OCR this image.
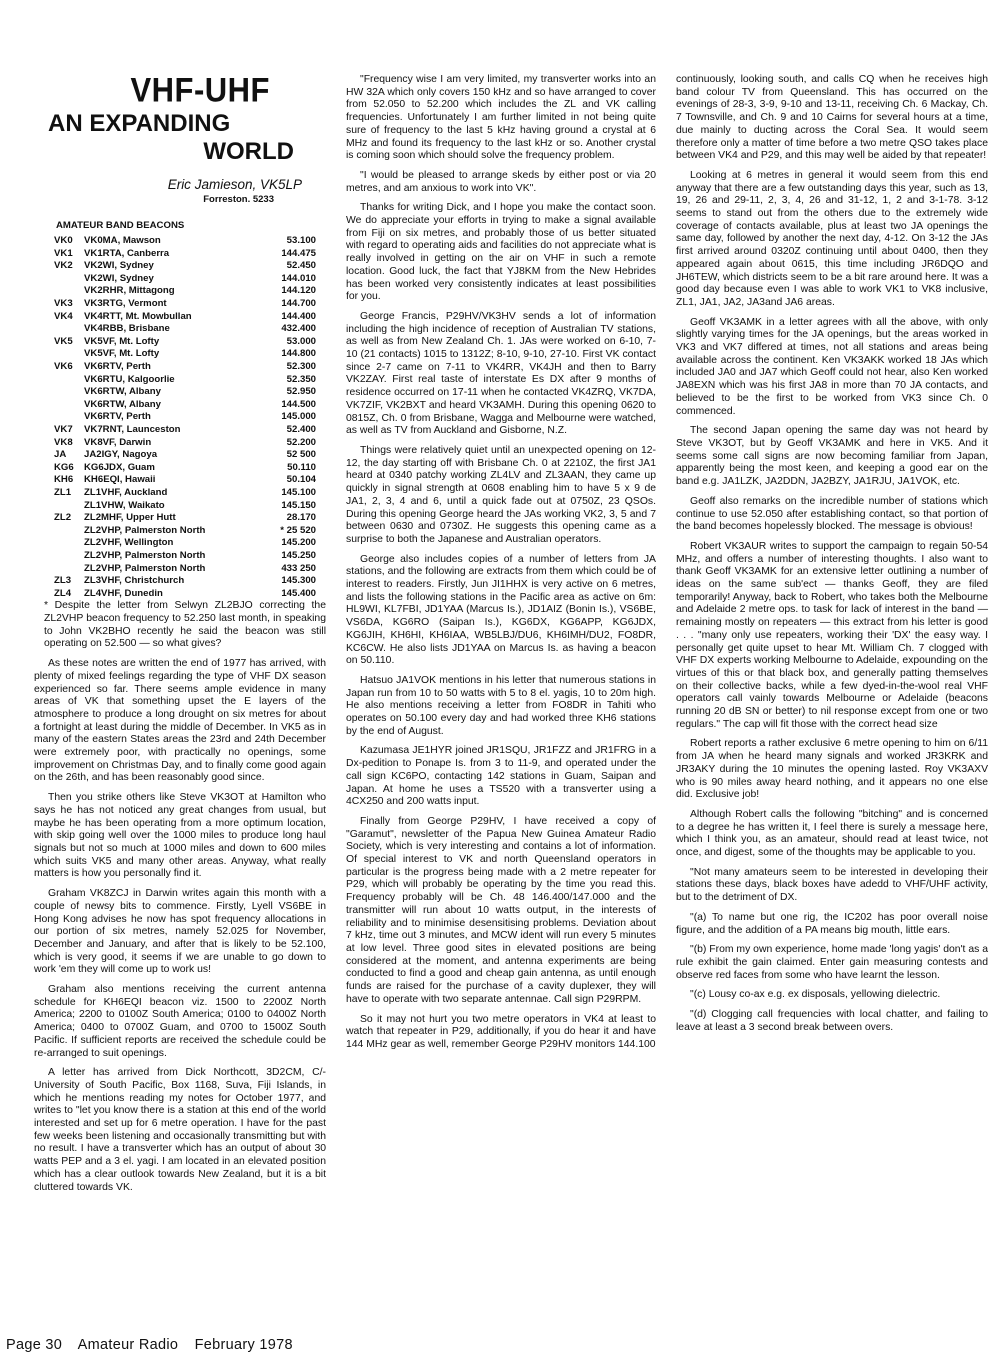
VHF-UHF
AN EXPANDING
WORLD
Eric Jamieson, VK5LP
Forreston. 5233
AMATEUR BAND BEACONS
VK0	VK0MA, Mawson	53.100
VK1	VK1RTA, Canberra	144.475
VK2	VK2WI, Sydney	52.450
	VK2WI, Sydney	144.010
	VK2RHR, Mittagong	144.120
VK3	VK3RTG, Vermont	144.700
VK4	VK4RTT, Mt. Mowbullan	144.400
	VK4RBB, Brisbane	432.400
VK5	VK5VF, Mt. Lofty	53.000
	VK5VF, Mt. Lofty	144.800
VK6	VK6RTV, Perth	52.300
	VK6RTU, Kalgoorlie	52.350
	VK6RTW, Albany	52.950
	VK6RTW, Albany	144.500
	VK6RTV, Perth	145.000
VK7	VK7RNT, Launceston	52.400
VK8	VK8VF, Darwin	52.200
JA	JA2IGY, Nagoya	52 500
KG6	KG6JDX, Guam	50.110
KH6	KH6EQI, Hawaii	50.104
ZL1	ZL1VHF, Auckland	145.100
	ZL1VHW, Waikato	145.150
ZL2	ZL2MHF, Upper Hutt	28.170
	ZL2VHP, Palmerston North	* 25 520
	ZL2VHF, Wellington	145.200
	ZL2VHP, Palmerston North	145.250
	ZL2VHP, Palmerston North	433 250
ZL3	ZL3VHF, Christchurch	145.300
ZL4	ZL4VHF, Dunedin	145.400

* Despite the letter from Selwyn ZL2BJO correcting the ZL2VHP beacon frequency to 52.250 last month, in speaking to John VK2BHO recently he said the beacon was still operating on 52.500 — so what gives?

As these notes are written the end of 1977 has arrived, with plenty of mixed feelings regarding the type of VHF DX season experienced so far. There seems ample evidence in many areas of VK that something upset the E layers of the atmosphere to produce a long drought on six metres for about a fortnight at least during the middle of December. In VK5 as in many of the eastern States areas the 23rd and 24th December were extremely poor, with practically no openings, some improvement on Christmas Day, and to finally come good again on the 26th, and has been reasonably good since.

Then you strike others like Steve VK3OT at Hamilton who says he has not noticed any great changes from usual, but maybe he has been operating from a more optimum location, with skip going well over the 1000 miles to produce long haul signals but not so much at 1000 miles and down to 600 miles which suits VK5 and many other areas. Anyway, what really matters is how you personally find it.

Graham VK8ZCJ in Darwin writes again this month with a couple of newsy bits to commence. Firstly, Lyell VS6BE in Hong Kong advises he now has spot frequency allocations in our portion of six metres, namely 52.025 for November, December and January, and after that is likely to be 52.100, which is very good, it seems if we are unable to go down to work 'em they will come up to work us!

Graham also mentions receiving the current antenna schedule for KH6EQI beacon viz. 1500 to 2200Z North America; 2200 to 0100Z South America; 0100 to 0400Z North America; 0400 to 0700Z Guam, and 0700 to 1500Z South Pacific. If sufficient reports are received the schedule could be re-arranged to suit openings.

A letter has arrived from Dick Northcott, 3D2CM, C/- University of South Pacific, Box 1168, Suva, Fiji Islands, in which he mentions reading my notes for October 1977, and writes to "let you know there is a station at this end of the world interested and set up for 6 metre operation. I have for the past few weeks been listening and occasionally transmitting but with no result. I have a transverter which has an output of about 30 watts PEP and a 3 el. yagi. I am located in an elevated position which has a clear outlook towards New Zealand, but it is a bit cluttered towards VK.

"Frequency wise I am very limited, my transverter works into an HW 32A which only covers 150 kHz and so have arranged to cover from 52.050 to 52.200 which includes the ZL and VK calling frequencies. Unfortunately I am further limited in not being quite sure of frequency to the last 5 kHz having ground a crystal at 6 MHz and found its frequency to the last kHz or so. Another crystal is coming soon which should solve the frequency problem.

"I would be pleased to arrange skeds by either post or via 20 metres, and am anxious to work into VK".

Thanks for writing Dick, and I hope you make the contact soon. We do appreciate your efforts in trying to make a signal available from Fiji on six metres, and probably those of us better situated with regard to operating aids and facilities do not appreciate what is really involved in getting on the air on VHF in such a remote location. Good luck, the fact that YJ8KM from the New Hebrides has been worked very consistently indicates at least possibilities for you.

George Francis, P29HV/VK3HV sends a lot of information including the high incidence of reception of Australian TV stations, as well as from New Zealand Ch. 1. JAs were worked on 6-10, 7-10 (21 contacts) 1015 to 1312Z; 8-10, 9-10, 27-10. First VK contact since 2-7 came on 7-11 to VK4RR, VK4JH and then to Barry VK2ZAY. First real taste of interstate Es DX after 9 months of residence occurred on 17-11 when he contacted VK4ZRQ, VK7DA, VK7ZIF, VK2BXT and heard VK3AMH. During this opening 0620 to 0815Z, Ch. 0 from Brisbane, Wagga and Melbourne were watched, as well as TV from Auckland and Gisborne, N.Z.

Things were relatively quiet until an unexpected opening on 12-12, the day starting off with Brisbane Ch. 0 at 2210Z, the first JA1 heard at 0340 patchy working ZL4LV and ZL3AAN, they came up quickly in signal strength at 0608 enabling him to have 5 x 9 de JA1, 2, 3, 4 and 6, until a quick fade out at 0750Z, 23 QSOs. During this opening George heard the JAs working VK2, 3, 5 and 7 between 0630 and 0730Z. He suggests this opening came as a surprise to both the Japanese and Australian operators.

George also includes copies of a number of letters from JA stations, and the following are extracts from them which could be of interest to readers. Firstly, Jun JI1HHX is very active on 6 metres, and lists the following stations in the Pacific area as active on 6m: HL9WI, KL7FBI, JD1YAA (Marcus Is.), JD1AIZ (Bonin Is.), VS6BE, VS6DA, KG6RO (Saipan Is.), KG6DX, KG6APP, KG6JDX, KG6JIH, KH6HI, KH6IAA, WB5LBJ/DU6, KH6IMH/DU2, FO8DR, KC6CW. He also lists JD1YAA on Marcus Is. as having a beacon on 50.110.

Hatsuo JA1VOK mentions in his letter that numerous stations in Japan run from 10 to 50 watts with 5 to 8 el. yagis, 10 to 20m high. He also mentions receiving a letter from FO8DR in Tahiti who operates on 50.100 every day and had worked three KH6 stations by the end of August.

Kazumasa JE1HYR joined JR1SQU, JR1FZZ and JR1FRG in a Dx-pedition to Ponape Is. from 3 to 11-9, and operated under the call sign KC6PO, contacting 142 stations in Guam, Saipan and Japan. At home he uses a TS520 with a transverter using a 4CX250 and 200 watts input.

Finally from George P29HV, I have received a copy of "Garamut", newsletter of the Papua New Guinea Amateur Radio Society, which is very interesting and contains a lot of information. Of special interest to VK and north Queensland operators in particular is the progress being made with a 2 metre repeater for P29, which will probably be operating by the time you read this. Frequency probably will be Ch. 48 146.400/147.000 and the transmitter will run about 10 watts output, in the interests of reliability and to minimise desensitising problems. Deviation about 7 kHz, time out 3 minutes, and MCW ident will run every 5 minutes at low level. Three good sites in elevated positions are being considered at the moment, and antenna experiments are being conducted to find a good and cheap gain antenna, as until enough funds are raised for the purchase of a cavity duplexer, they will have to operate with two separate antennae. Call sign P29RPM.

So it may not hurt you two metre operators in VK4 at least to watch that repeater in P29, additionally, if you do hear it and have 144 MHz gear as well, remember George P29HV monitors 144.100

continuously, looking south, and calls CQ when he receives high band colour TV from Queensland. This has occurred on the evenings of 28-3, 3-9, 9-10 and 13-11, receiving Ch. 6 Mackay, Ch. 7 Townsville, and Ch. 9 and 10 Cairns for several hours at a time, due mainly to ducting across the Coral Sea. It would seem therefore only a matter of time before a two metre QSO takes place between VK4 and P29, and this may well be aided by that repeater!

Looking at 6 metres in general it would seem from this end anyway that there are a few outstanding days this year, such as 13, 19, 26 and 29-11, 2, 3, 4, 26 and 31-12, 1, 2 and 3-1-78. 3-12 seems to stand out from the others due to the extremely wide coverage of contacts available, plus at least two JA openings the same day, followed by another the next day, 4-12. On 3-12 the JAs first arrived around 0320Z continuing until about 0400, then they appeared again about 0615, this time including JR6DQO and JH6TEW, which districts seem to be a bit rare around here. It was a good day because even I was able to work VK1 to VK8 inclusive, ZL1, JA1, JA2, JA3and JA6 areas.

Geoff VK3AMK in a letter agrees with all the above, with only slightly varying times for the JA openings, but the areas worked in VK3 and VK7 differed at times, not all stations and areas being available across the continent. Ken VK3AKK worked 18 JAs which included JA0 and JA7 which Geoff could not hear, also Ken worked JA8EXN which was his first JA8 in more than 70 JA contacts, and believed to be the first to be worked from VK3 since Ch. 0 commenced.

The second Japan opening the same day was not heard by Steve VK3OT, but by Geoff VK3AMK and here in VK5. And it seems some call signs are now becoming familiar from Japan, apparently being the most keen, and keeping a good ear on the band e.g. JA1LZK, JA2DDN, JA2BZY, JA1RJU, JA1VOK, etc.

Geoff also remarks on the incredible number of stations which continue to use 52.050 after establishing contact, so that portion of the band becomes hopelessly blocked. The message is obvious!

Robert VK3AUR writes to support the campaign to regain 50-54 MHz, and offers a number of interesting thoughts. I also want to thank Geoff VK3AMK for an extensive letter outlining a number of ideas on the same sub'ect — thanks Geoff, they are filed temporarily! Anyway, back to Robert, who takes both the Melbourne and Adelaide 2 metre ops. to task for lack of interest in the band — remaining mostly on repeaters — this extract from his letter is good . . . "many only use repeaters, working their 'DX' the easy way. I personally get quite upset to hear Mt. William Ch. 7 clogged with VHF DX experts working Melbourne to Adelaide, expounding on the virtues of this or that black box, and generally patting themselves on their collective backs, while a few dyed-in-the-wool real VHF operators call vainly towards Melbourne or Adelaide (beacons running 20 dB SN or better) to nil response except from one or two regulars." The cap will fit those with the correct head size

Robert reports a rather exclusive 6 metre opening to him on 6/11 from JA when he heard many signals and worked JR3KRK and JR3AKY during the 10 minutes the opening lasted. Roy VK3AXV who is 90 miles away heard nothing, and it appears no one else did. Exclusive job!

Although Robert calls the following "bitching" and is concerned to a degree he has written it, I feel there is surely a message here, which I think you, as an amateur, should read at least twice, not once, and digest, some of the thoughts may be applicable to you.

"Not many amateurs seem to be interested in developing their stations these days, black boxes have adedd to VHF/UHF activity, but to the detriment of DX.

"(a) To name but one rig, the IC202 has poor overall noise figure, and the addition of a PA means big mouth, little ears.

"(b) From my own experience, home made 'long yagis' don't as a rule exhibit the gain claimed. Enter gain measuring contests and observe red faces from some who have learnt the lesson.

"(c) Lousy co-ax e.g. ex disposals, yellowing dielectric.

"(d) Clogging call frequencies with local chatter, and failing to leave at least a 3 second break between overs.

Page 30 Amateur Radio February 1978
